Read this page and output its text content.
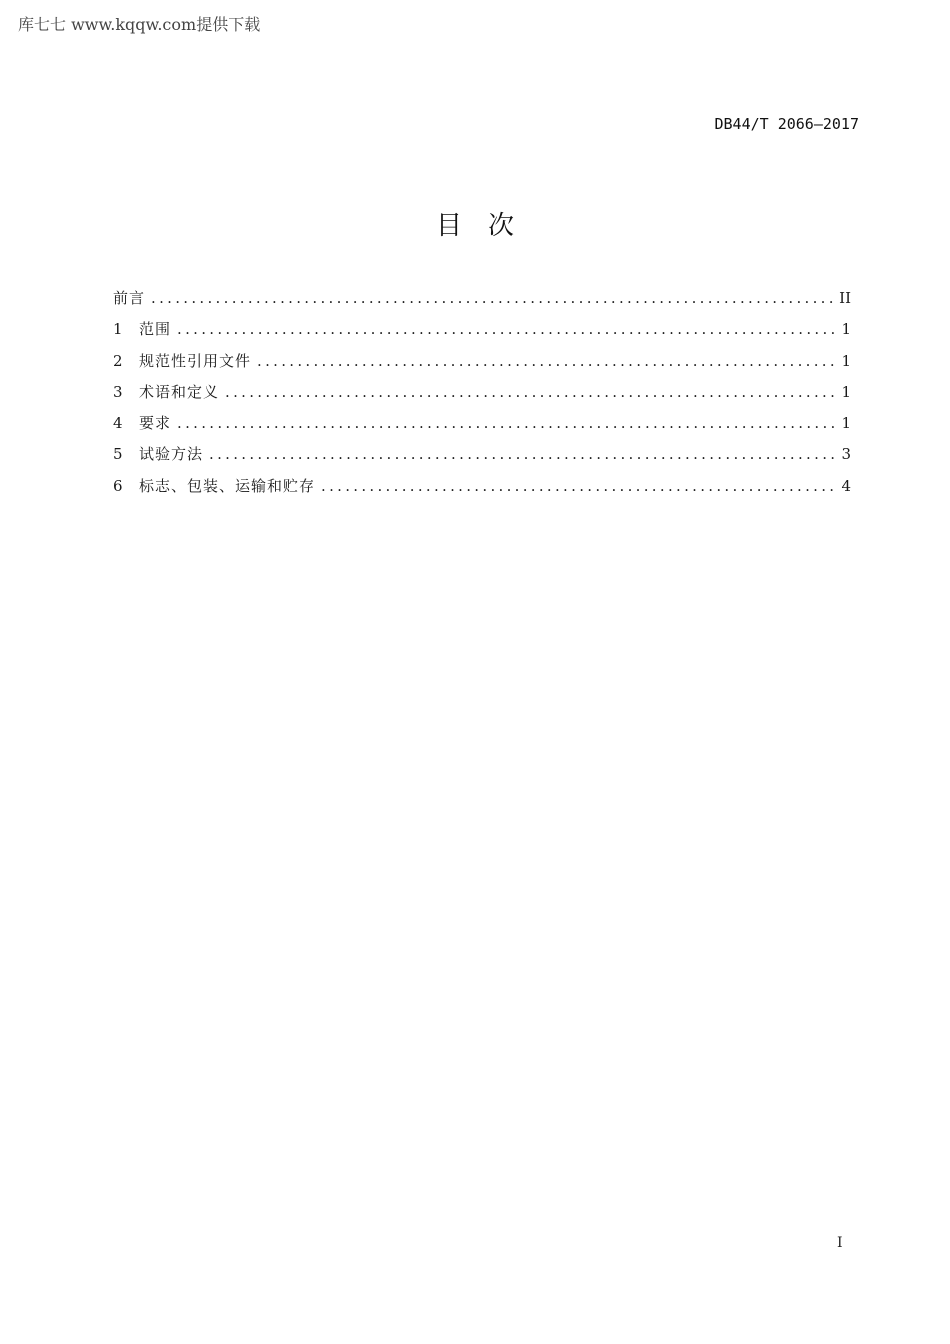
库七七 www.kqqw.com提供下载
DB44/T 2066—2017
目次
前言 .....	II
1	范围 .....	1
2	规范性引用文件 .....	1
3	术语和定义 .....	1
4	要求 .....	1
5	试验方法 .....	3
6	标志、包装、运输和贮存 .....	4
I
